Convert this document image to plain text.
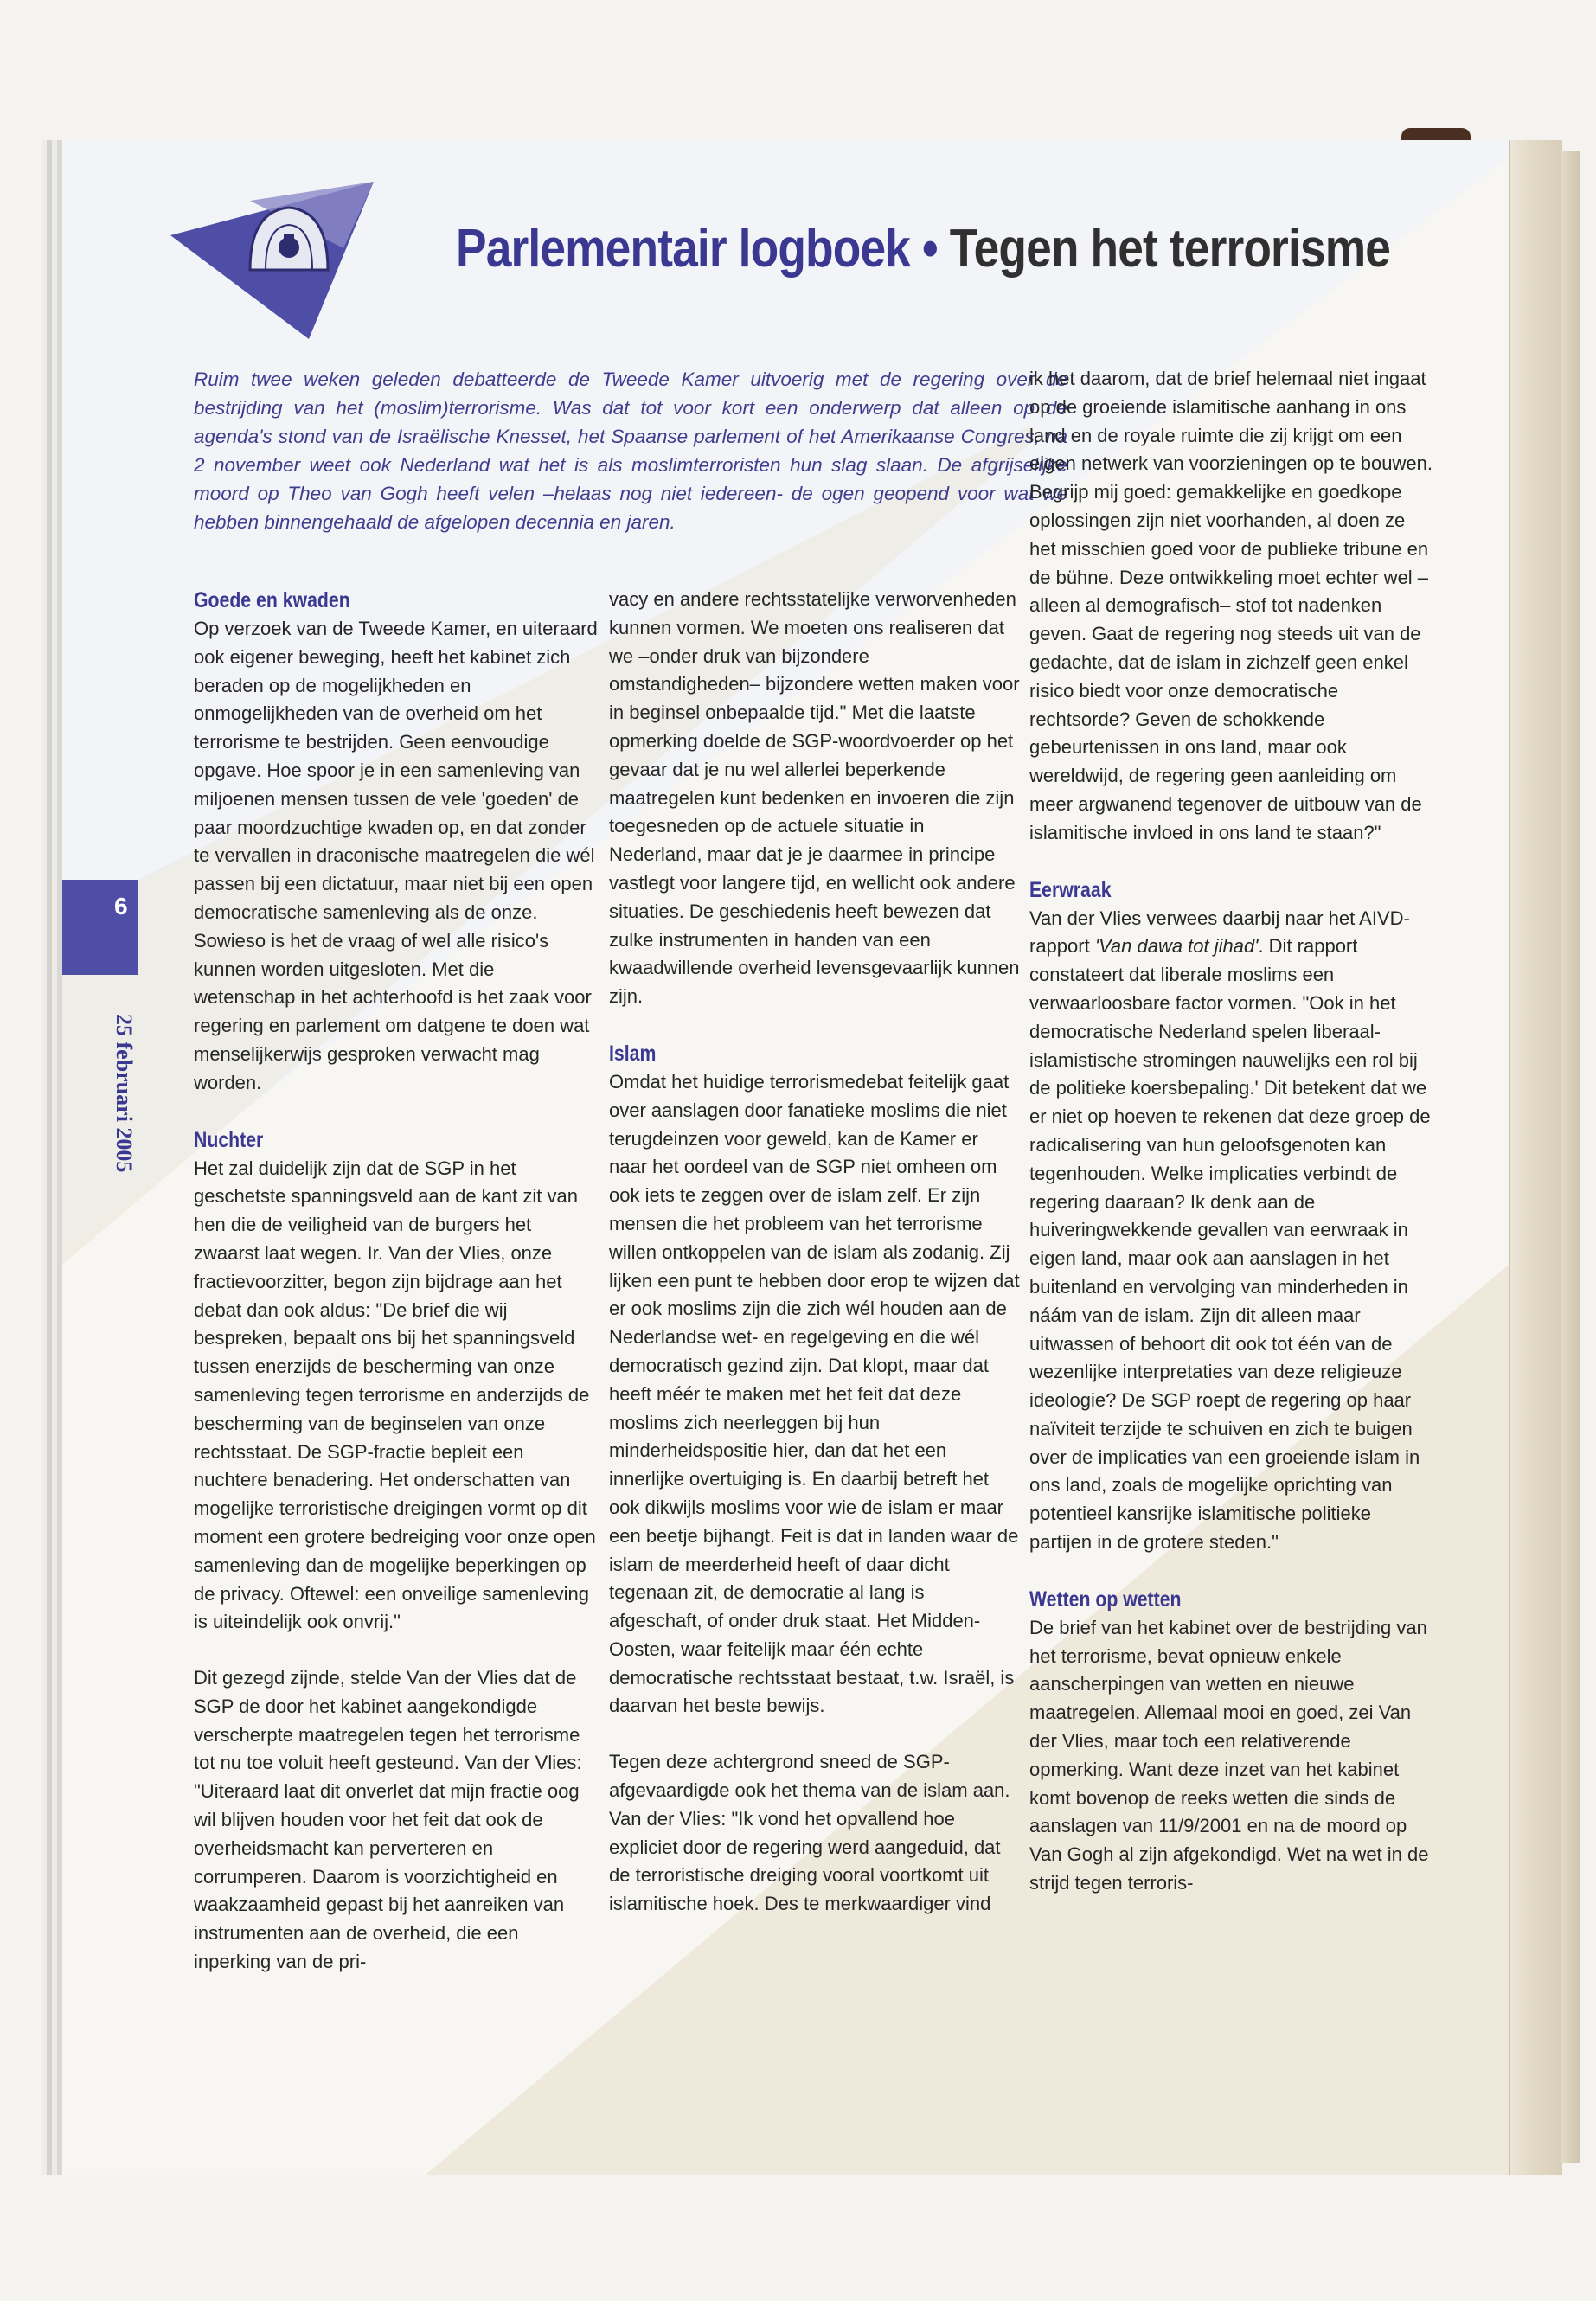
Parlementair logboek • Tegen het terrorisme
6
25 februari 2005

Ruim twee weken geleden debatteerde de Tweede Kamer uitvoerig met de regering over de bestrijding van het (moslim)terrorisme. Was dat tot voor kort een onderwerp dat alleen op de agenda's stond van de Israëlische Knesset, het Spaanse parlement of het Amerikaanse Congres, na 2 november weet ook Nederland wat het is als moslimterroristen hun slag slaan. De afgrijselijke moord op Theo van Gogh heeft velen –helaas nog niet iedereen- de ogen geopend voor wat we hebben binnengehaald de afgelopen decennia en jaren.

Goede en kwaden

Op verzoek van de Tweede Kamer, en uiteraard ook eigener beweging, heeft het kabinet zich beraden op de mogelijkheden en onmogelijkheden van de overheid om het terrorisme te bestrijden. Geen eenvoudige opgave. Hoe spoor je in een samenleving van miljoenen mensen tussen de vele 'goeden' de paar moordzuchtige kwaden op, en dat zonder te vervallen in draconische maatregelen die wél passen bij een dictatuur, maar niet bij een open democratische samenleving als de onze. Sowieso is het de vraag of wel alle risico's kunnen worden uitgesloten. Met die wetenschap in het achterhoofd is het zaak voor regering en parlement om datgene te doen wat menselijkerwijs gesproken verwacht mag worden.

Nuchter

Het zal duidelijk zijn dat de SGP in het geschetste spanningsveld aan de kant zit van hen die de veiligheid van de burgers het zwaarst laat wegen. Ir. Van der Vlies, onze fractievoorzitter, begon zijn bijdrage aan het debat dan ook aldus: "De brief die wij bespreken, bepaalt ons bij het spanningsveld tussen enerzijds de bescherming van onze samenleving tegen terrorisme en anderzijds de bescherming van de beginselen van onze rechtsstaat. De SGP-fractie bepleit een nuchtere benadering. Het onderschatten van mogelijke terroristische dreigingen vormt op dit moment een grotere bedreiging voor onze open samenleving dan de mogelijke beperkingen op de privacy. Oftewel: een onveilige samenleving is uiteindelijk ook onvrij."

Dit gezegd zijnde, stelde Van der Vlies dat de SGP de door het kabinet aangekondigde verscherpte maatregelen tegen het terrorisme tot nu toe voluit heeft gesteund. Van der Vlies: "Uiteraard laat dit onverlet dat mijn fractie oog wil blijven houden voor het feit dat ook de overheidsmacht kan perverteren en corrumperen. Daarom is voorzichtigheid en waakzaamheid gepast bij het aanreiken van instrumenten aan de overheid, die een inperking van de pri-

vacy en andere rechtsstatelijke verworvenheden kunnen vormen. We moeten ons realiseren dat we –onder druk van bijzondere omstandigheden– bijzondere wetten maken voor in beginsel onbepaalde tijd." Met die laatste opmerking doelde de SGP-woordvoerder op het gevaar dat je nu wel allerlei beperkende maatregelen kunt bedenken en invoeren die zijn toegesneden op de actuele situatie in Nederland, maar dat je je daarmee in principe vastlegt voor langere tijd, en wellicht ook andere situaties. De geschiedenis heeft bewezen dat zulke instrumenten in handen van een kwaadwillende overheid levensgevaarlijk kunnen zijn.

Islam

Omdat het huidige terrorismedebat feitelijk gaat over aanslagen door fanatieke moslims die niet terugdeinzen voor geweld, kan de Kamer er naar het oordeel van de SGP niet omheen om ook iets te zeggen over de islam zelf. Er zijn mensen die het probleem van het terrorisme willen ontkoppelen van de islam als zodanig. Zij lijken een punt te hebben door erop te wijzen dat er ook moslims zijn die zich wél houden aan de Nederlandse wet- en regelgeving en die wél democratisch gezind zijn. Dat klopt, maar dat heeft méér te maken met het feit dat deze moslims zich neerleggen bij hun minderheidspositie hier, dan dat het een innerlijke overtuiging is. En daarbij betreft het ook dikwijls moslims voor wie de islam er maar een beetje bijhangt. Feit is dat in landen waar de islam de meerderheid heeft of daar dicht tegenaan zit, de democratie al lang is afgeschaft, of onder druk staat. Het Midden-Oosten, waar feitelijk maar één echte democratische rechtsstaat bestaat, t.w. Israël, is daarvan het beste bewijs.

Tegen deze achtergrond sneed de SGP-afgevaardigde ook het thema van de islam aan. Van der Vlies: "Ik vond het opvallend hoe expliciet door de regering werd aangeduid, dat de terroristische dreiging vooral voortkomt uit islamitische hoek. Des te merkwaardiger vind

ik het daarom, dat de brief helemaal niet ingaat op de groeiende islamitische aanhang in ons land en de royale ruimte die zij krijgt om een eigen netwerk van voorzieningen op te bouwen. Begrijp mij goed: gemakkelijke en goedkope oplossingen zijn niet voorhanden, al doen ze het misschien goed voor de publieke tribune en de bühne. Deze ontwikkeling moet echter wel –alleen al demografisch– stof tot nadenken geven. Gaat de regering nog steeds uit van de gedachte, dat de islam in zichzelf geen enkel risico biedt voor onze democratische rechtsorde? Geven de schokkende gebeurtenissen in ons land, maar ook wereldwijd, de regering geen aanleiding om meer argwanend tegenover de uitbouw van de islamitische invloed in ons land te staan?"

Eerwraak

Van der Vlies verwees daarbij naar het AIVD-rapport 'Van dawa tot jihad'. Dit rapport constateert dat liberale moslims een verwaarloosbare factor vormen. "Ook in het democratische Nederland spelen liberaal-islamistische stromingen nauwelijks een rol bij de politieke koersbepaling.' Dit betekent dat we er niet op hoeven te rekenen dat deze groep de radicalisering van hun geloofsgenoten kan tegenhouden. Welke implicaties verbindt de regering daaraan? Ik denk aan de huiveringwekkende gevallen van eerwraak in eigen land, maar ook aan aanslagen in het buitenland en vervolging van minderheden in náám van de islam. Zijn dit alleen maar uitwassen of behoort dit ook tot één van de wezenlijke interpretaties van deze religieuze ideologie? De SGP roept de regering op haar naïviteit terzijde te schuiven en zich te buigen over de implicaties van een groeiende islam in ons land, zoals de mogelijke oprichting van potentieel kansrijke islamitische politieke partijen in de grotere steden."

Wetten op wetten

De brief van het kabinet over de bestrijding van het terrorisme, bevat opnieuw enkele aanscherpingen van wetten en nieuwe maatregelen. Allemaal mooi en goed, zei Van der Vlies, maar toch een relativerende opmerking. Want deze inzet van het kabinet komt bovenop de reeks wetten die sinds de aanslagen van 11/9/2001 en na de moord op Van Gogh al zijn afgekondigd. Wet na wet in de strijd tegen terroris-
